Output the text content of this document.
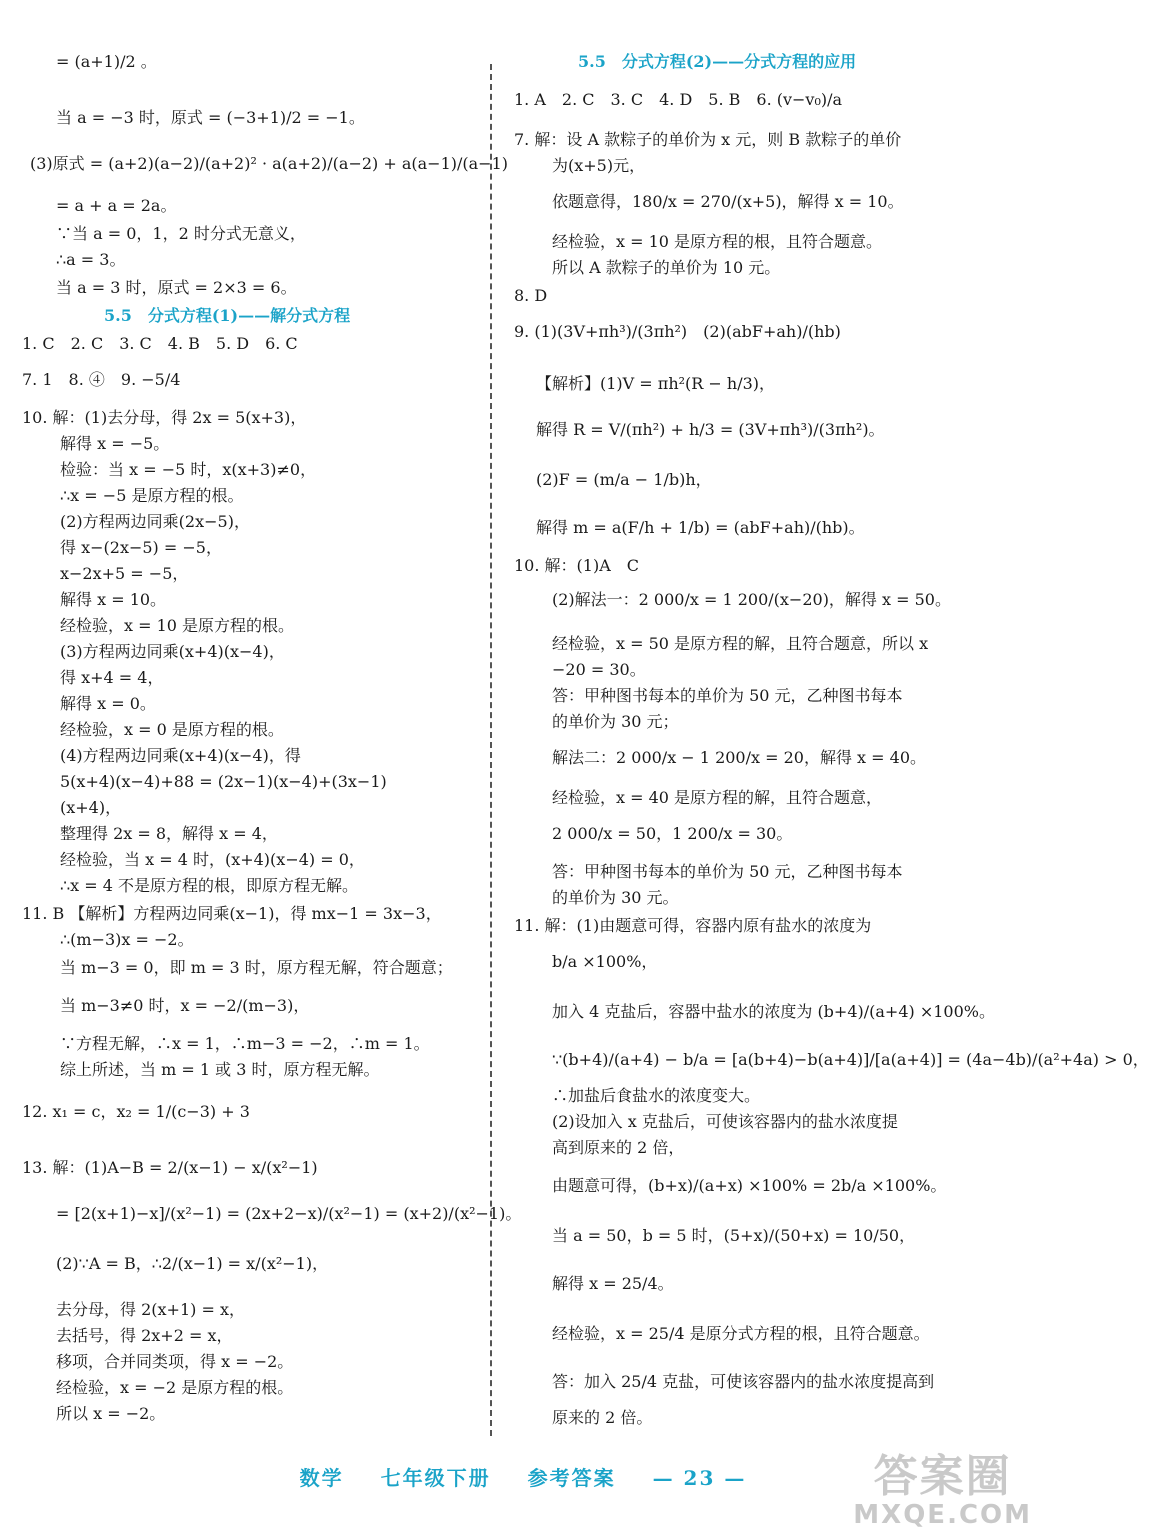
= (a+1)/2 。
当 a = −3 时，原式 = (−3+1)/2 = −1。
(3)原式 = (a+2)(a−2)/(a+2)² · a(a+2)/(a−2) + a(a−1)/(a−1)
= a + a = 2a。
∵当 a = 0，1，2 时分式无意义，
∴a = 3。
当 a = 3 时，原式 = 2×3 = 6。
5.5　分式方程(1)——解分式方程
1. C　2. C　3. C　4. B　5. D　6. C
7. 1　8. ④　9. −5/4
10. 解：(1)去分母，得 2x = 5(x+3)，
解得 x = −5。
检验：当 x = −5 时，x(x+3)≠0，
∴x = −5 是原方程的根。
(2)方程两边同乘(2x−5)，
得 x−(2x−5) = −5，
x−2x+5 = −5，
解得 x = 10。
经检验，x = 10 是原方程的根。
(3)方程两边同乘(x+4)(x−4)，
得 x+4 = 4，
解得 x = 0。
经检验，x = 0 是原方程的根。
(4)方程两边同乘(x+4)(x−4)，得
5(x+4)(x−4)+88 = (2x−1)(x−4)+(3x−1)
(x+4)，
整理得 2x = 8，解得 x = 4，
经检验，当 x = 4 时，(x+4)(x−4) = 0，
∴x = 4 不是原方程的根，即原方程无解。
11. B 【解析】方程两边同乘(x−1)，得 mx−1 = 3x−3，
∴(m−3)x = −2。
当 m−3 = 0，即 m = 3 时，原方程无解，符合题意；
当 m−3≠0 时，x = −2/(m−3)，
∵方程无解，∴x = 1，∴m−3 = −2，∴m = 1。
综上所述，当 m = 1 或 3 时，原方程无解。
12. x₁ = c，x₂ = 1/(c−3) + 3
13. 解：(1)A−B = 2/(x−1) − x/(x²−1)
= [2(x+1)−x]/(x²−1) = (2x+2−x)/(x²−1) = (x+2)/(x²−1)。
(2)∵A = B，∴2/(x−1) = x/(x²−1)，
去分母，得 2(x+1) = x，
去括号，得 2x+2 = x，
移项，合并同类项，得 x = −2。
经检验，x = −2 是原方程的根。
所以 x = −2。
5.5　分式方程(2)——分式方程的应用
1. A　2. C　3. C　4. D　5. B　6. (v−v₀)/a
7. 解：设 A 款粽子的单价为 x 元，则 B 款粽子的单价
为(x+5)元，
依题意得，180/x = 270/(x+5)，解得 x = 10。
经检验，x = 10 是原方程的根，且符合题意。
所以 A 款粽子的单价为 10 元。
8. D
9. (1)(3V+πh³)/(3πh²)　(2)(abF+ah)/(hb)
【解析】(1)V = πh²(R − h/3)，
解得 R = V/(πh²) + h/3 = (3V+πh³)/(3πh²)。
(2)F = (m/a − 1/b)h，
解得 m = a(F/h + 1/b) = (abF+ah)/(hb)。
10. 解：(1)A　C
(2)解法一：2 000/x = 1 200/(x−20)，解得 x = 50。
经检验，x = 50 是原方程的解，且符合题意，所以 x
−20 = 30。
答：甲种图书每本的单价为 50 元，乙种图书每本
的单价为 30 元；
解法二：2 000/x − 1 200/x = 20，解得 x = 40。
经检验，x = 40 是原方程的解，且符合题意，
2 000/x = 50，1 200/x = 30。
答：甲种图书每本的单价为 50 元，乙种图书每本
的单价为 30 元。
11. 解：(1)由题意可得，容器内原有盐水的浓度为
b/a ×100%，
加入 4 克盐后，容器中盐水的浓度为 (b+4)/(a+4) ×100%。
∵(b+4)/(a+4) − b/a = [a(b+4)−b(a+4)]/[a(a+4)] = (4a−4b)/(a²+4a) > 0，
∴加盐后食盐水的浓度变大。
(2)设加入 x 克盐后，可使该容器内的盐水浓度提
高到原来的 2 倍，
由题意可得，(b+x)/(a+x) ×100% = 2b/a ×100%。
当 a = 50，b = 5 时，(5+x)/(50+x) = 10/50，
解得 x = 25/4。
经检验，x = 25/4 是原分式方程的根，且符合题意。
答：加入 25/4 克盐，可使该容器内的盐水浓度提高到
原来的 2 倍。
数学 七年级下册 参考答案 — 23 —	答案圈
MXQE.COM
